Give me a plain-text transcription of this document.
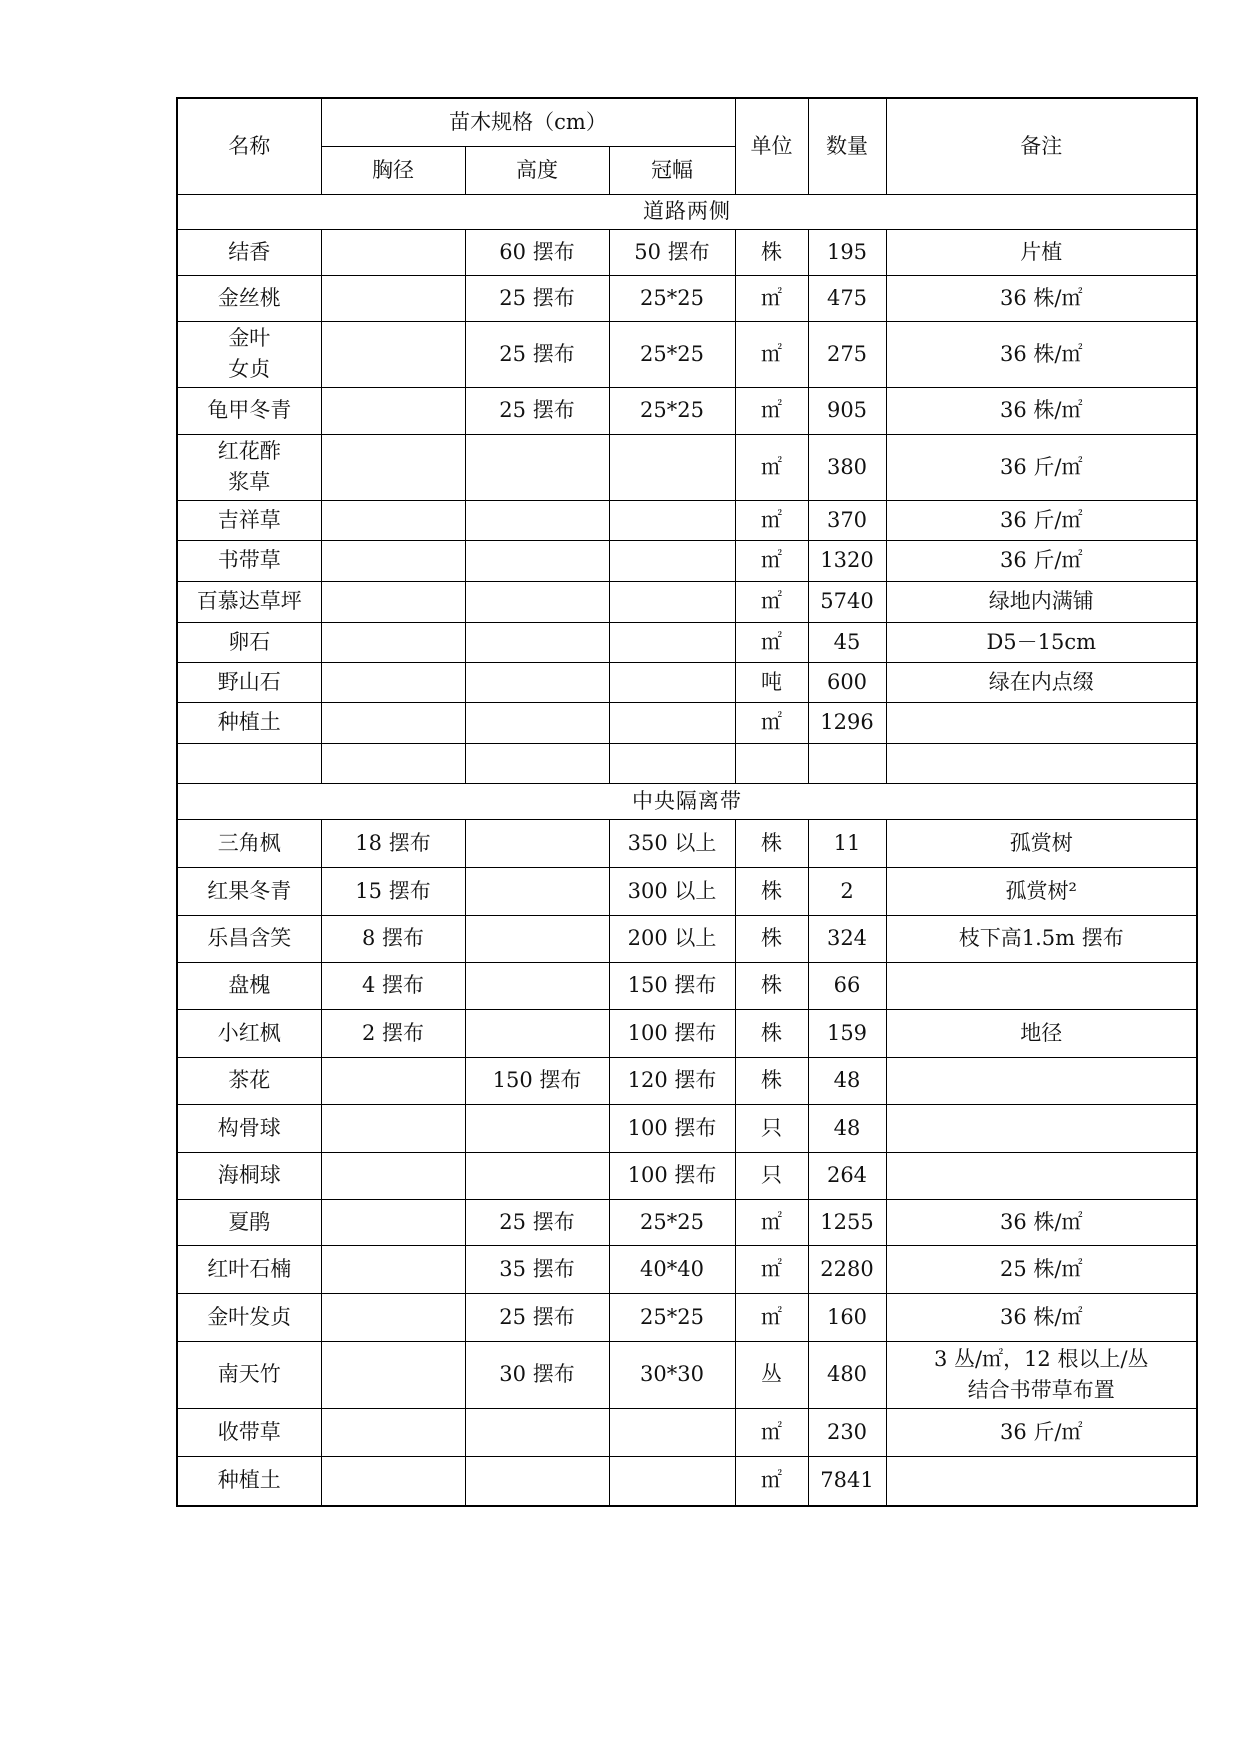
名称	苗木规格（cm）			单位	数量	备注
	胸径	高度	冠幅			
道路两侧						
结香		60 摆布	50 摆布	株	195	片植
金丝桃		25 摆布	25*25	㎡	475	36 株/㎡
金叶
女贞		25 摆布	25*25	㎡	275	36 株/㎡
龟甲冬青		25 摆布	25*25	㎡	905	36 株/㎡
红花酢
浆草				㎡	380	36 斤/㎡
吉祥草				㎡	370	36 斤/㎡
书带草				㎡	1320	36 斤/㎡
百慕达草坪				㎡	5740	绿地内满铺
卵石				㎡	45	D5－15cm
野山石				吨	600	绿在内点缀
种植土				㎡	1296	

中央隔离带						
三角枫	18 摆布		350 以上	株	11	孤赏树
红果冬青	15 摆布		300 以上	株	2	孤赏树²
乐昌含笑	8 摆布		200 以上	株	324	枝下高1.5m 摆布
盘槐	4 摆布		150 摆布	株	66	
小红枫	2 摆布		100 摆布	株	159	地径
茶花		150 摆布	120 摆布	株	48	
构骨球			100 摆布	只	48	
海桐球			100 摆布	只	264	
夏鹃		25 摆布	25*25	㎡	1255	36 株/㎡
红叶石楠		35 摆布	40*40	㎡	2280	25 株/㎡
金叶发贞		25 摆布	25*25	㎡	160	36 株/㎡
南天竹		30 摆布	30*30	丛	480	3 丛/㎡，12 根以上/丛
结合书带草布置
收带草				㎡	230	36 斤/㎡
种植土				㎡	7841	
